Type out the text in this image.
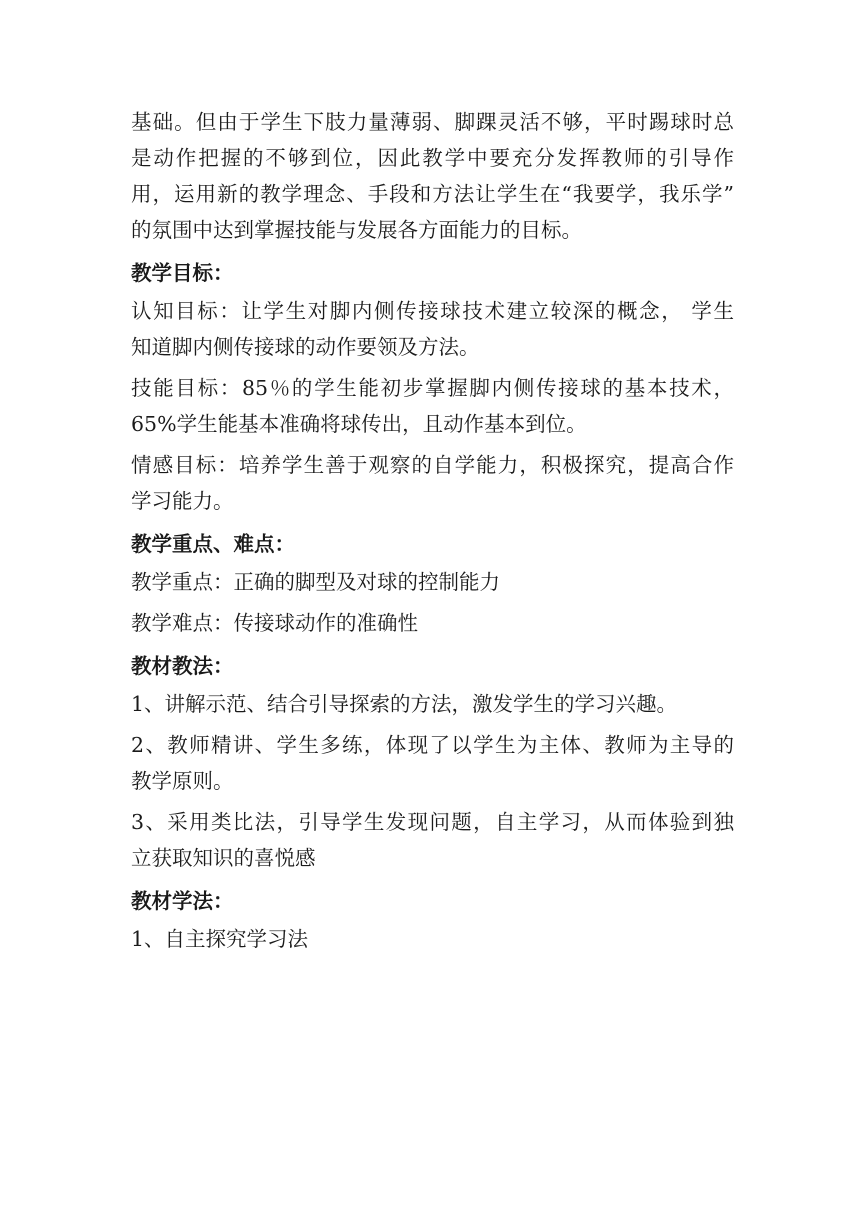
基础。但由于学生下肢力量薄弱、脚踝灵活不够，平时踢球时总
是动作把握的不够到位，因此教学中要充分发挥教师的引导作
用，运用新的教学理念、手段和方法让学生在“我要学，我乐学”
的氛围中达到掌握技能与发展各方面能力的目标。
教学目标：
认知目标：让学生对脚内侧传接球技术建立较深的概念， 学生
知道脚内侧传接球的动作要领及方法。
技能目标：85％的学生能初步掌握脚内侧传接球的基本技术，
65%学生能基本准确将球传出，且动作基本到位。
情感目标：培养学生善于观察的自学能力，积极探究，提高合作
学习能力。
教学重点、难点：
教学重点：正确的脚型及对球的控制能力
教学难点：传接球动作的准确性
教材教法：
1、讲解示范、结合引导探索的方法，激发学生的学习兴趣。
2、教师精讲、学生多练，体现了以学生为主体、教师为主导的
教学原则。
3、采用类比法，引导学生发现问题，自主学习，从而体验到独
立获取知识的喜悦感
教材学法：
1、自主探究学习法
